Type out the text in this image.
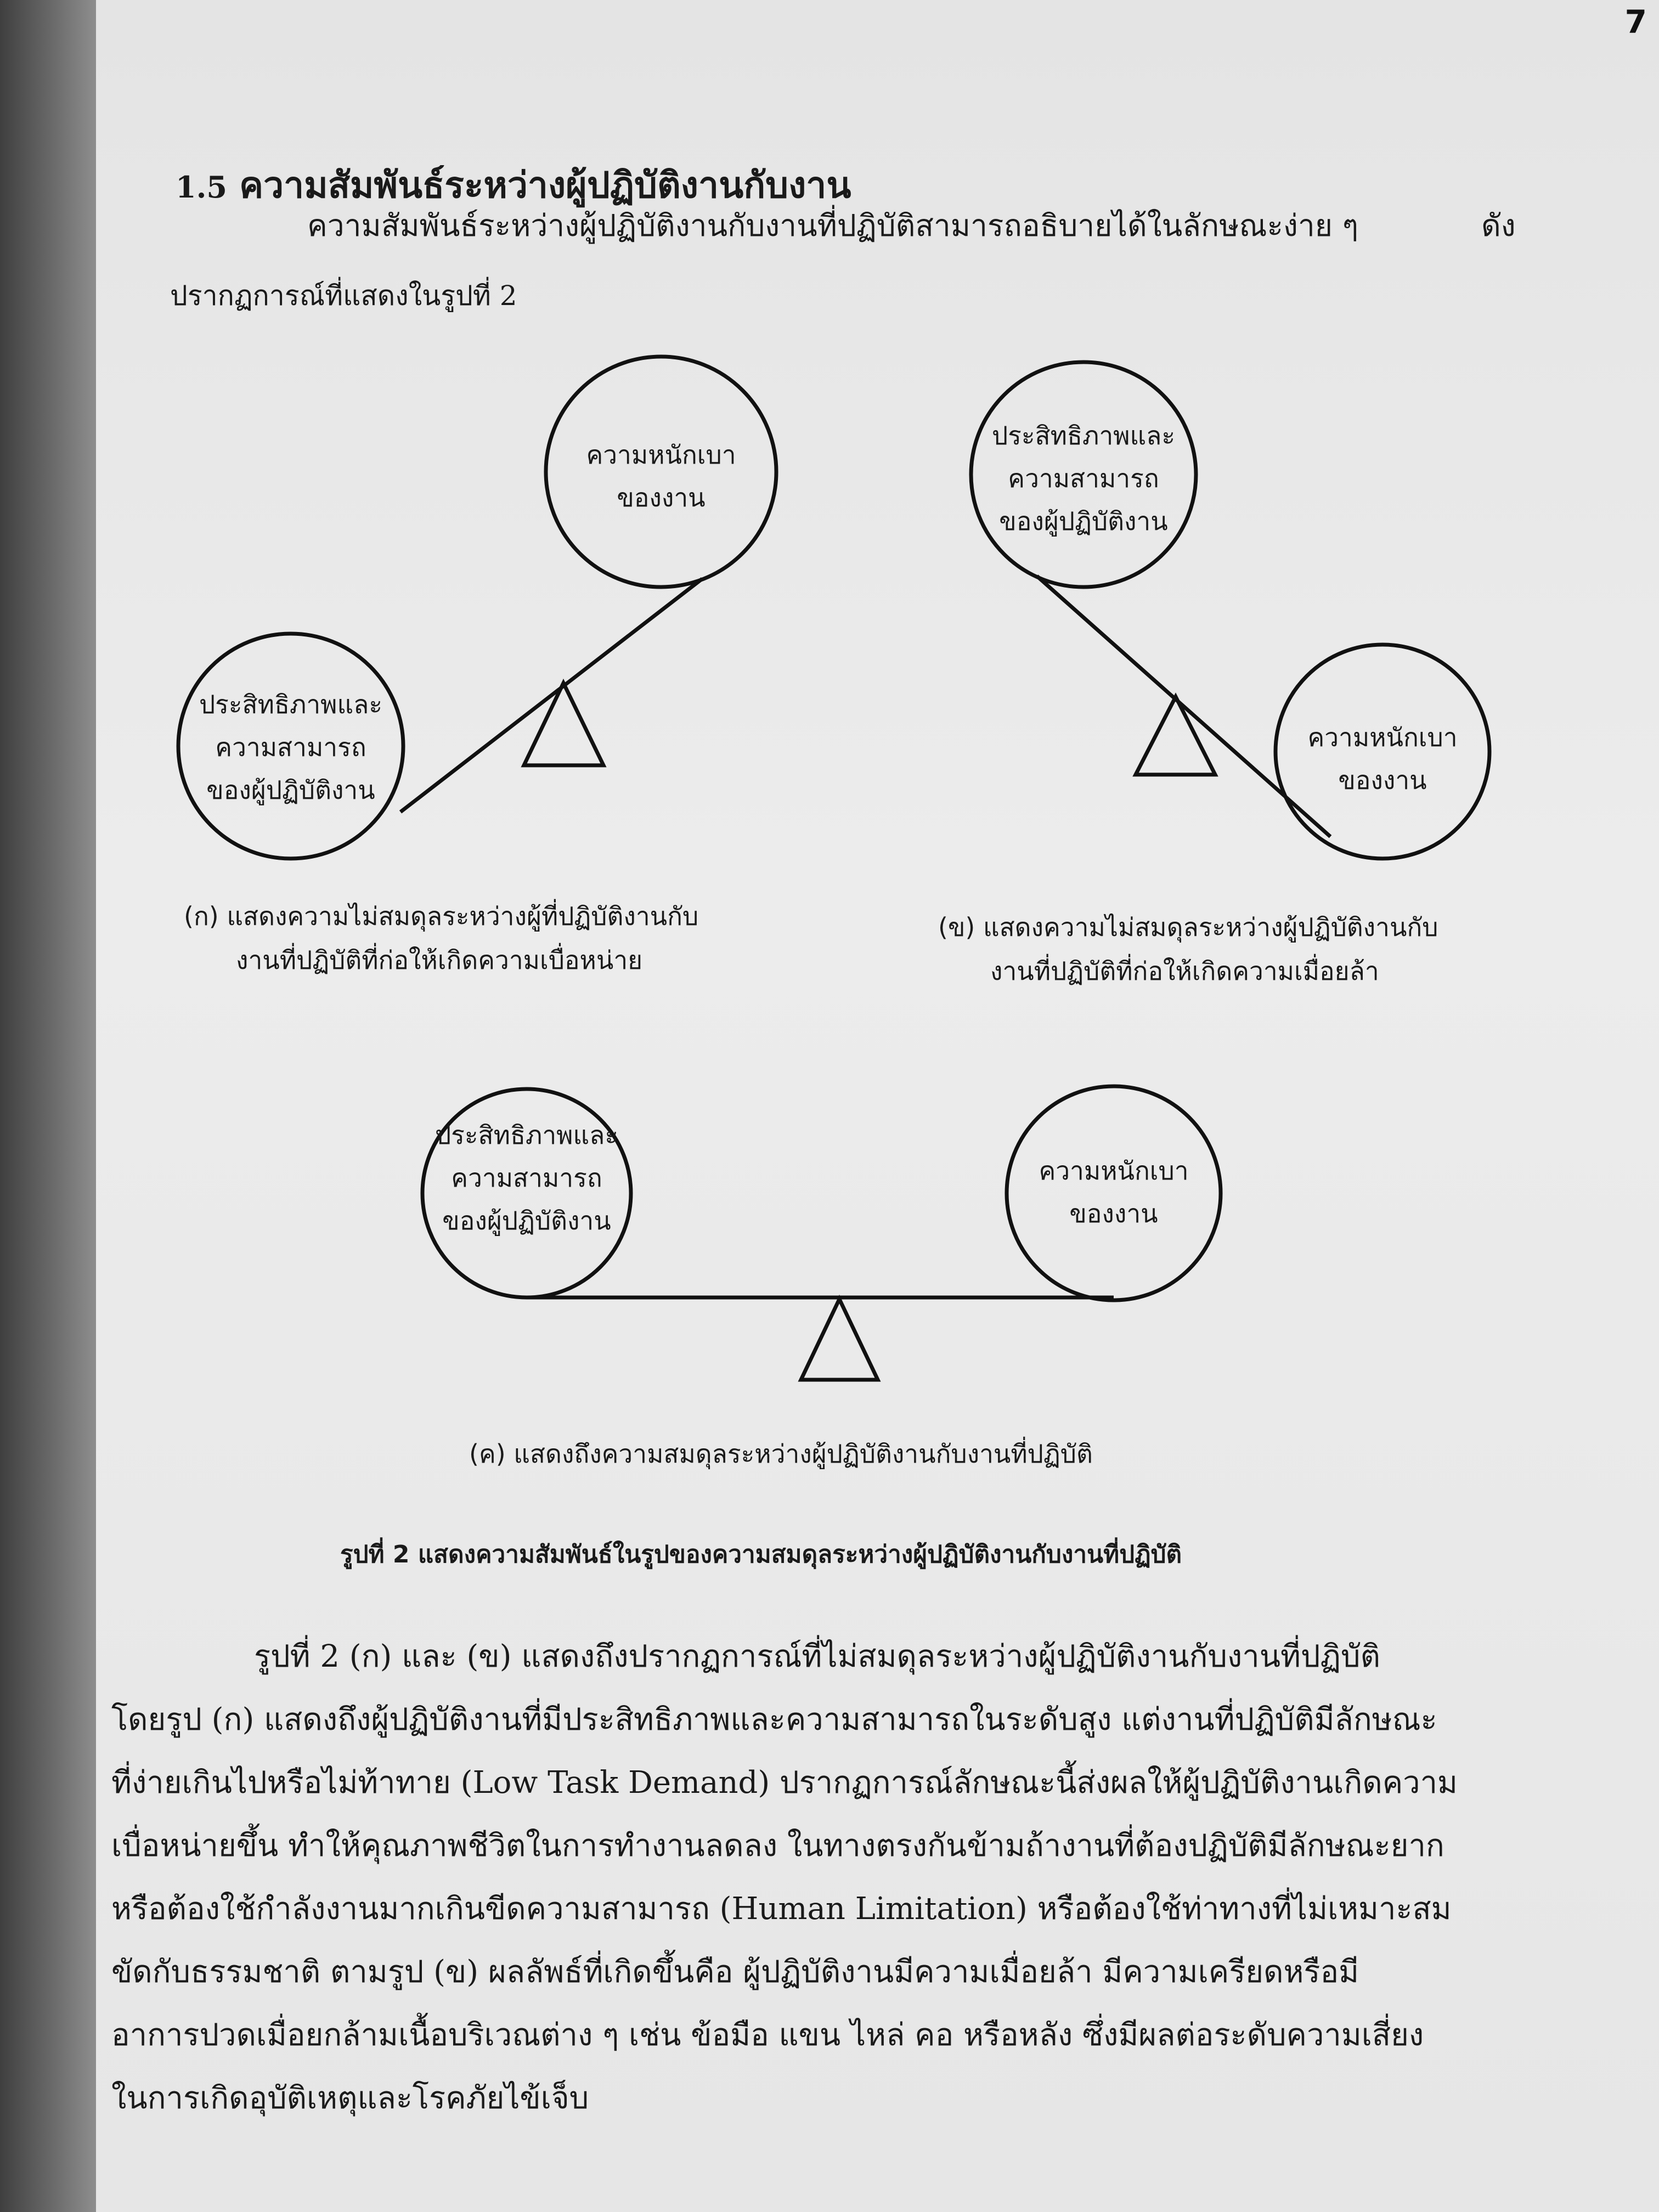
7
1.5 ความสัมพันธ์ระหว่างผู้ปฏิบัติงานกับงาน
ความสัมพันธ์ระหว่างผู้ปฏิบัติงานกับงานที่ปฏิบัติสามารถอธิบายได้ในลักษณะง่าย ๆ	ดัง
ปรากฏการณ์ที่แสดงในรูปที่ 2
ประสิทธิภาพและ
ความสามารถ
ของผู้ปฏิบัติงาน
ความหนักเบา
ของงาน
(ก) แสดงความไม่สมดุลระหว่างผู้ที่ปฏิบัติงานกับ
งานที่ปฏิบัติที่ก่อให้เกิดความเบื่อหน่าย
ประสิทธิภาพและ
ความสามารถ
ของผู้ปฏิบัติงาน
ความหนักเบา
ของงาน
(ข) แสดงความไม่สมดุลระหว่างผู้ปฏิบัติงานกับ
งานที่ปฏิบัติที่ก่อให้เกิดความเมื่อยล้า
ประสิทธิภาพและ
ความสามารถ
ของผู้ปฏิบัติงาน
ความหนักเบา
ของงาน
(ค) แสดงถึงความสมดุลระหว่างผู้ปฏิบัติงานกับงานที่ปฏิบัติ
รูปที่ 2 แสดงความสัมพันธ์ในรูปของความสมดุลระหว่างผู้ปฏิบัติงานกับงานที่ปฏิบัติ

รูปที่ 2 (ก) และ (ข) แสดงถึงปรากฏการณ์ที่ไม่สมดุลระหว่างผู้ปฏิบัติงานกับงานที่ปฏิบัติ

โดยรูป (ก) แสดงถึงผู้ปฏิบัติงานที่มีประสิทธิภาพและความสามารถในระดับสูง แต่งานที่ปฏิบัติมีลักษณะ

ที่ง่ายเกินไปหรือไม่ท้าทาย (Low Task Demand) ปรากฏการณ์ลักษณะนี้ส่งผลให้ผู้ปฏิบัติงานเกิดความ

เบื่อหน่ายขึ้น ทำให้คุณภาพชีวิตในการทำงานลดลง ในทางตรงกันข้ามถ้างานที่ต้องปฏิบัติมีลักษณะยาก

หรือต้องใช้กำลังงานมากเกินขีดความสามารถ (Human Limitation) หรือต้องใช้ท่าทางที่ไม่เหมาะสม

ขัดกับธรรมชาติ ตามรูป (ข) ผลลัพธ์ที่เกิดขึ้นคือ ผู้ปฏิบัติงานมีความเมื่อยล้า มีความเครียดหรือมี

อาการปวดเมื่อยกล้ามเนื้อบริเวณต่าง ๆ เช่น ข้อมือ แขน ไหล่ คอ หรือหลัง ซึ่งมีผลต่อระดับความเสี่ยง

ในการเกิดอุบัติเหตุและโรคภัยไข้เจ็บ
